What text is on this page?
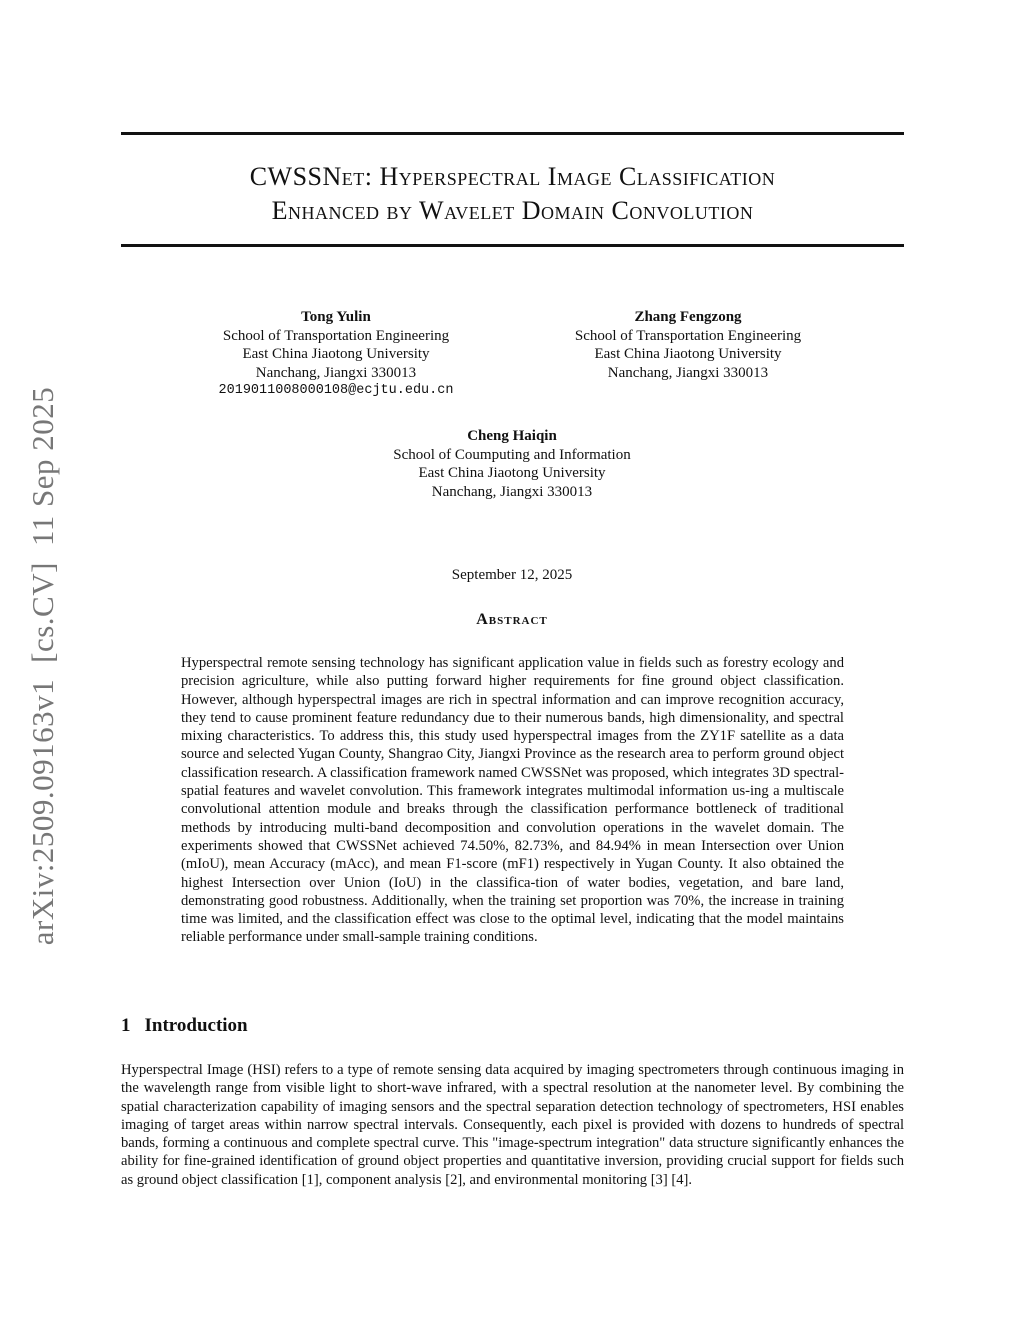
arXiv:2509.09163v1[cs.CV]11 Sep 2025
CWSSNet: Hyperspectral Image Classification
Enhanced by Wavelet Domain Convolution
Tong Yulin
School of Transportation Engineering
East China Jiaotong University
Nanchang, Jiangxi 330013
2019011008000108@ecjtu.edu.cn
Zhang Fengzong
School of Transportation Engineering
East China Jiaotong University
Nanchang, Jiangxi 330013
Cheng Haiqin
School of Coumputing and Information
East China Jiaotong University
Nanchang, Jiangxi 330013
September 12, 2025
Abstract

Hyperspectral remote sensing technology has significant application value in fields such as forestry ecology and precision agriculture, while also putting forward higher requirements for fine ground object classification. However, although hyperspectral images are rich in spectral information and can improve recognition accuracy, they tend to cause prominent feature redundancy due to their numerous bands, high dimensionality, and spectral mixing characteristics. To address this, this study used hyperspectral images from the ZY1F satellite as a data source and selected Yugan County, Shangrao City, Jiangxi Province as the research area to perform ground object classification research. A classification framework named CWSSNet was proposed, which integrates 3D spectral-spatial features and wavelet convolution. This framework integrates multimodal information us-ing a multiscale convolutional attention module and breaks through the classification performance bottleneck of traditional methods by introducing multi-band decomposition and convolution operations in the wavelet domain. The experiments showed that CWSSNet achieved 74.50%, 82.73%, and 84.94% in mean Intersection over Union (mIoU), mean Accuracy (mAcc), and mean F1-score (mF1) respectively in Yugan County. It also obtained the highest Intersection over Union (IoU) in the classifica-tion of water bodies, vegetation, and bare land, demonstrating good robustness. Additionally, when the training set proportion was 70%, the increase in training time was limited, and the classification effect was close to the optimal level, indicating that the model maintains reliable performance under small-sample training conditions.

1 Introduction

Hyperspectral Image (HSI) refers to a type of remote sensing data acquired by imaging spectrometers through continuous imaging in the wavelength range from visible light to short-wave infrared, with a spectral resolution at the nanometer level. By combining the spatial characterization capability of imaging sensors and the spectral separation detection technology of spectrometers, HSI enables imaging of target areas within narrow spectral intervals. Consequently, each pixel is provided with dozens to hundreds of spectral bands, forming a continuous and complete spectral curve. This "image-spectrum integration" data structure significantly enhances the ability for fine-grained identification of ground object properties and quantitative inversion, providing crucial support for fields such as ground object classification [1], component analysis [2], and environmental monitoring [3] [4].
